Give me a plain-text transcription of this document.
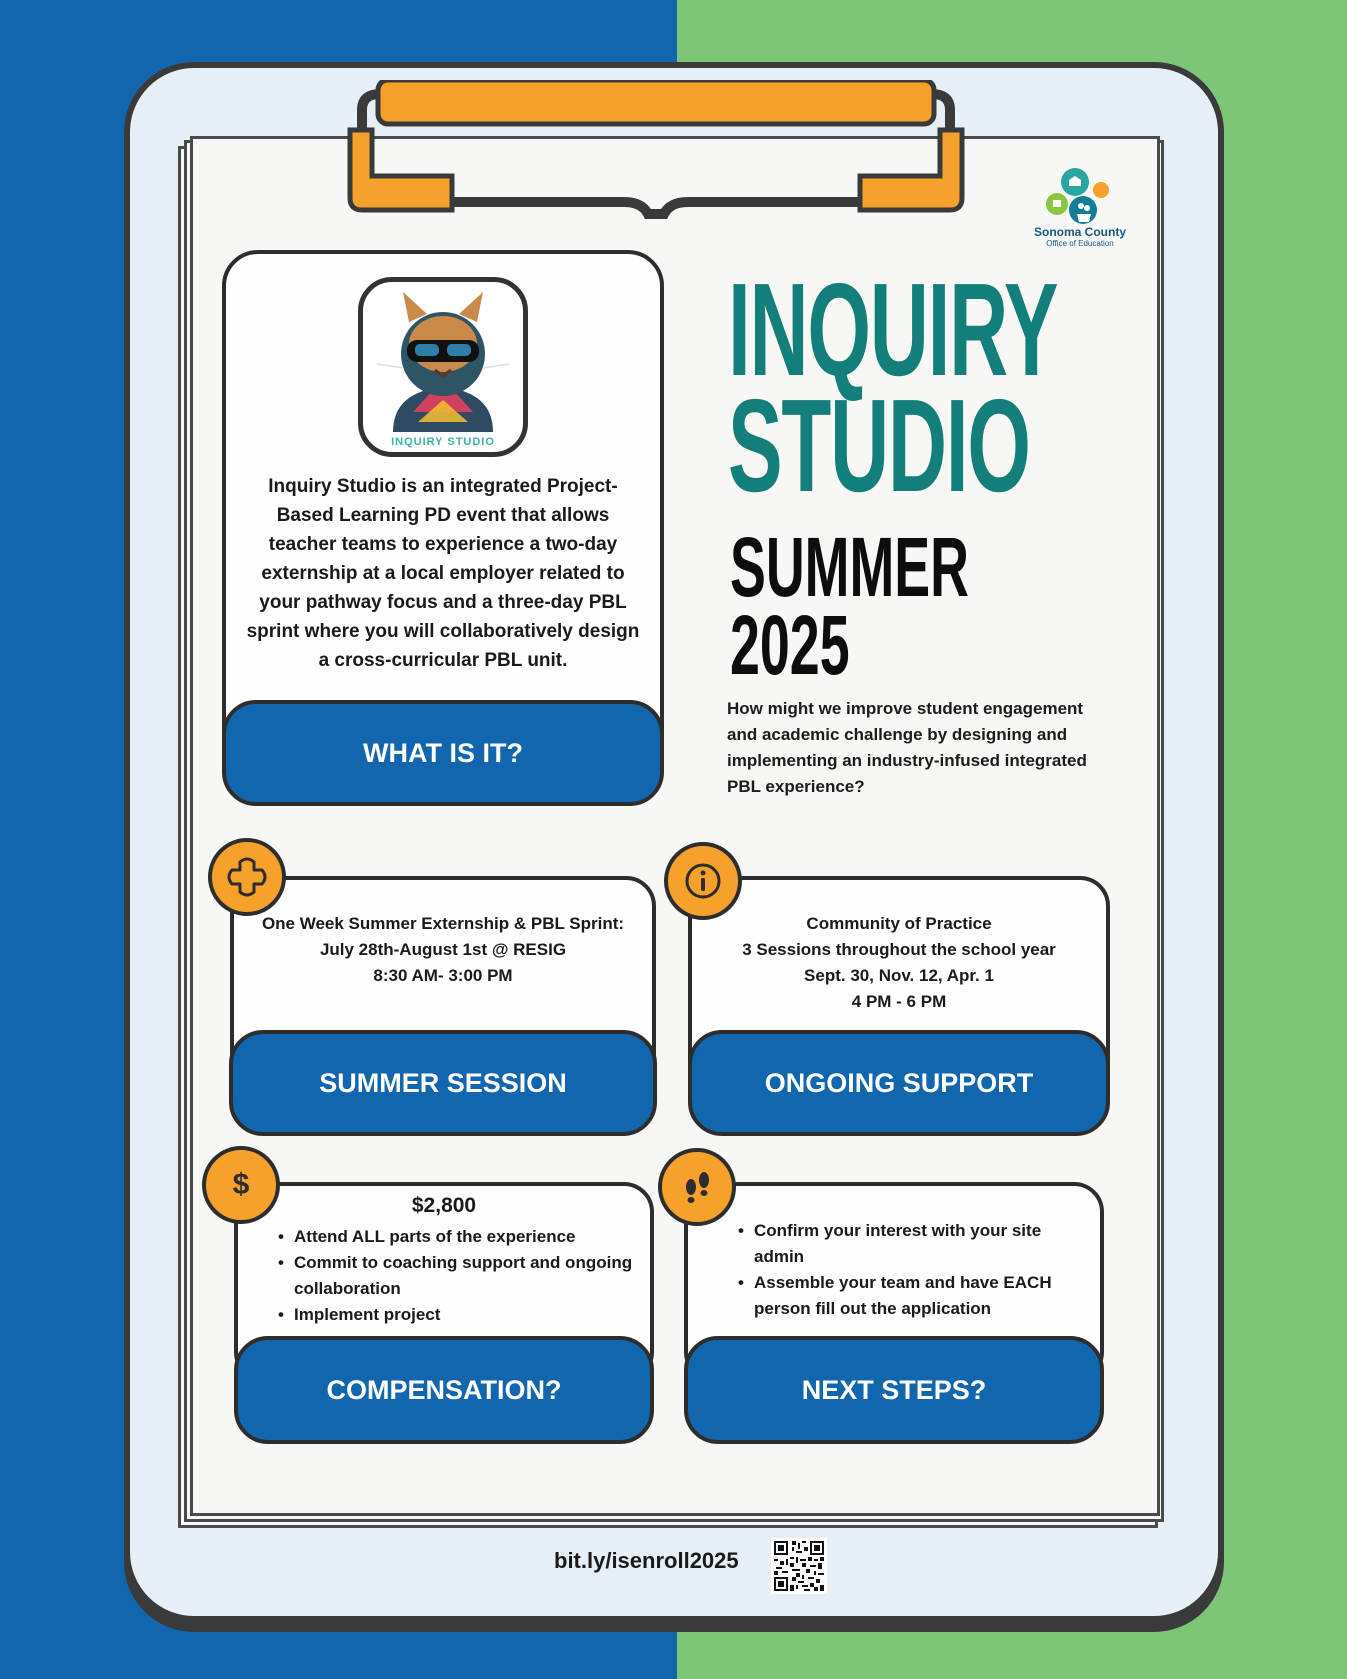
Sonoma County
Office of Education
INQUIRY
STUDIO
SUMMER
2025
How might we improve student engagement and academic challenge by designing and implementing an industry-infused integrated PBL experience?
INQUIRY STUDIO
Inquiry Studio is an integrated Project-Based Learning PD event that allows teacher teams to experience a two-day externship at a local employer related to your pathway focus and a three-day PBL sprint where you will collaboratively design a cross-curricular PBL unit.
WHAT IS IT?
One Week Summer Externship & PBL Sprint:
July 28th-August 1st @ RESIG
8:30 AM- 3:00 PM
SUMMER SESSION
Community of Practice
3 Sessions throughout the school year
Sept. 30, Nov. 12, Apr. 1
4 PM - 6 PM
ONGOING SUPPORT
$2,800
• Attend ALL parts of the experience
• Commit to coaching support and ongoing collaboration
• Implement project
COMPENSATION?
$
• Confirm your interest with your site admin
• Assemble your team and have EACH person fill out the application
NEXT STEPS?
bit.ly/isenroll2025
